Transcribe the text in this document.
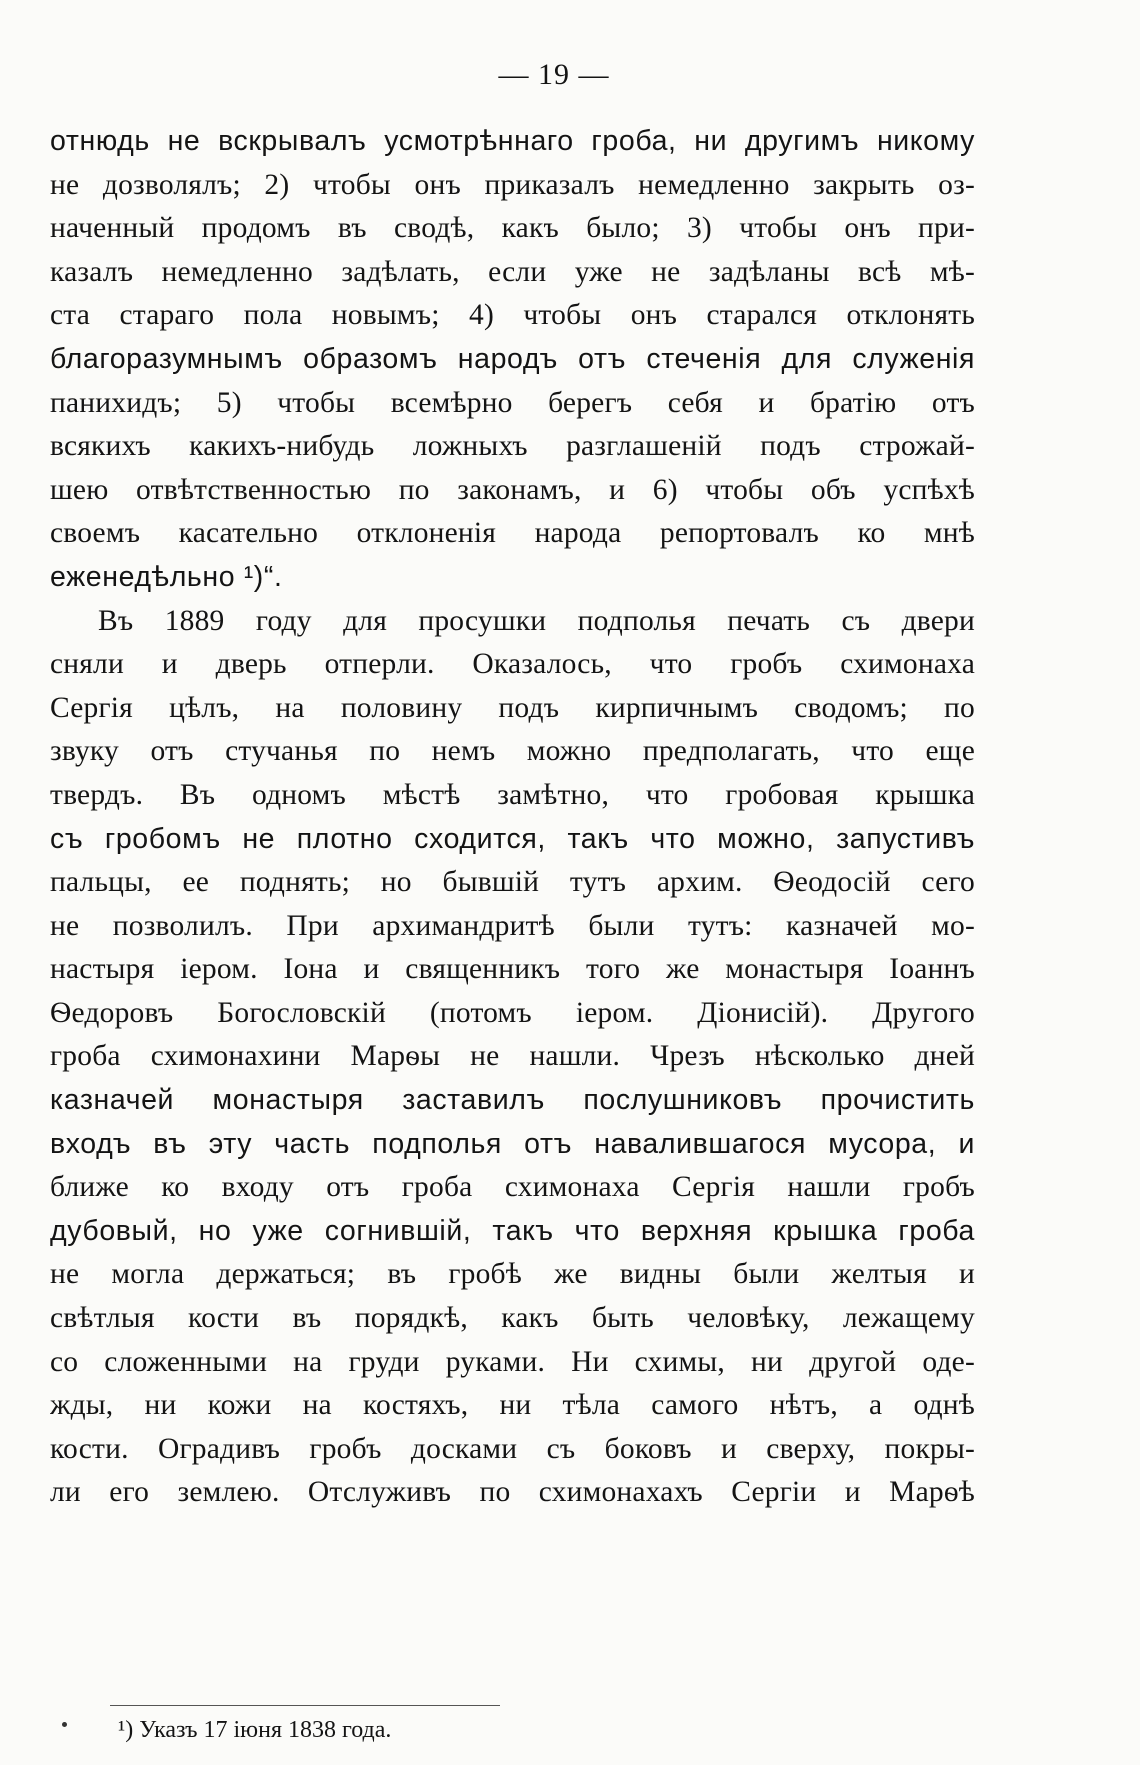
— 19 —
отнюдь не вскрывалъ усмотрѣннаго гроба, ни другимъ никому
не дозволялъ; 2) чтобы онъ приказалъ немедленно закрыть оз-
наченный продомъ въ сводѣ, какъ было; 3) чтобы онъ при-
казалъ немедленно задѣлать, если уже не задѣланы всѣ мѣ-
ста стараго пола новымъ; 4) чтобы онъ старался отклонять
благоразумнымъ образомъ народъ отъ стеченія для служенія
панихидъ; 5) чтобы всемѣрно берегъ себя и братію отъ
всякихъ какихъ-нибудь ложныхъ разглашеній подъ строжай-
шею отвѣтственностью по законамъ, и 6) чтобы объ успѣхѣ
своемъ касательно отклоненія народа репортовалъ ко мнѣ
еженедѣльно ¹)“.
Въ 1889 году для просушки подполья печать съ двери
сняли и дверь отперли. Оказалось, что гробъ схимонаха
Сергія цѣлъ, на половину подъ кирпичнымъ сводомъ; по
звуку отъ стучанья по немъ можно предполагать, что еще
твердъ. Въ одномъ мѣстѣ замѣтно, что гробовая крышка
съ гробомъ не плотно сходится, такъ что можно, запустивъ
пальцы, ее поднять; но бывшій тутъ архим. Ѳеодосій сего
не позволилъ. При архимандритѣ были тутъ: казначей мо-
настыря іером. Іона и священникъ того же монастыря Іоаннъ
Ѳедоровъ Богословскій (потомъ іером. Діонисій). Другого
гроба схимонахини Марѳы не нашли. Чрезъ нѣсколько дней
казначей монастыря заставилъ послушниковъ прочистить
входъ въ эту часть подполья отъ навалившагося мусора, и
ближе ко входу отъ гроба схимонаха Сергія нашли гробъ
дубовый, но уже согнившій, такъ что верхняя крышка гроба
не могла держаться; въ гробѣ же видны были желтыя и
свѣтлыя кости въ порядкѣ, какъ быть человѣку, лежащему
со сложенными на груди руками. Ни схимы, ни другой оде-
жды, ни кожи на костяхъ, ни тѣла самого нѣтъ, а однѣ
кости. Оградивъ гробъ досками съ боковъ и сверху, покры-
ли его землею. Отслуживъ по схимонахахъ Сергіи и Марѳѣ
¹) Указъ 17 іюня 1838 года.
